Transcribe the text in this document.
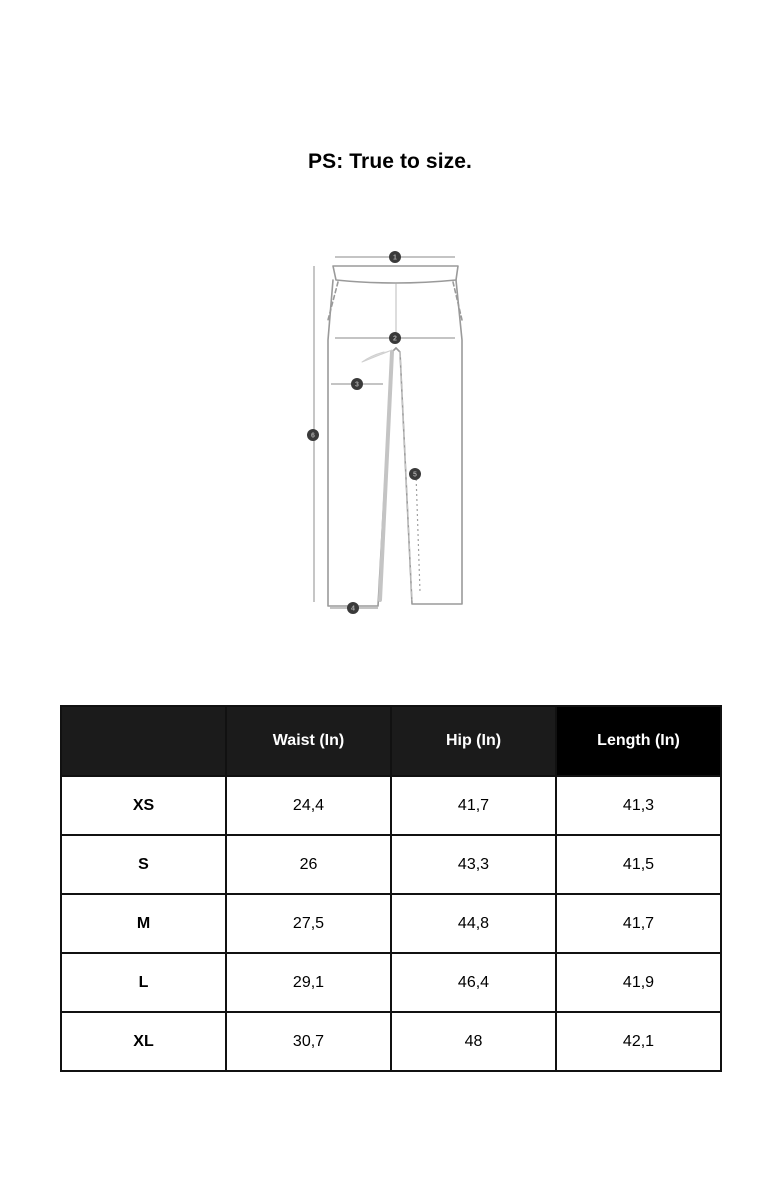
PS: True to size.
1
2
3
6
5
4
	Waist (In)	Hip (In)	Length (In)
XS	24,4	41,7	41,3
S	26	43,3	41,5
M	27,5	44,8	41,7
L	29,1	46,4	41,9
XL	30,7	48	42,1
